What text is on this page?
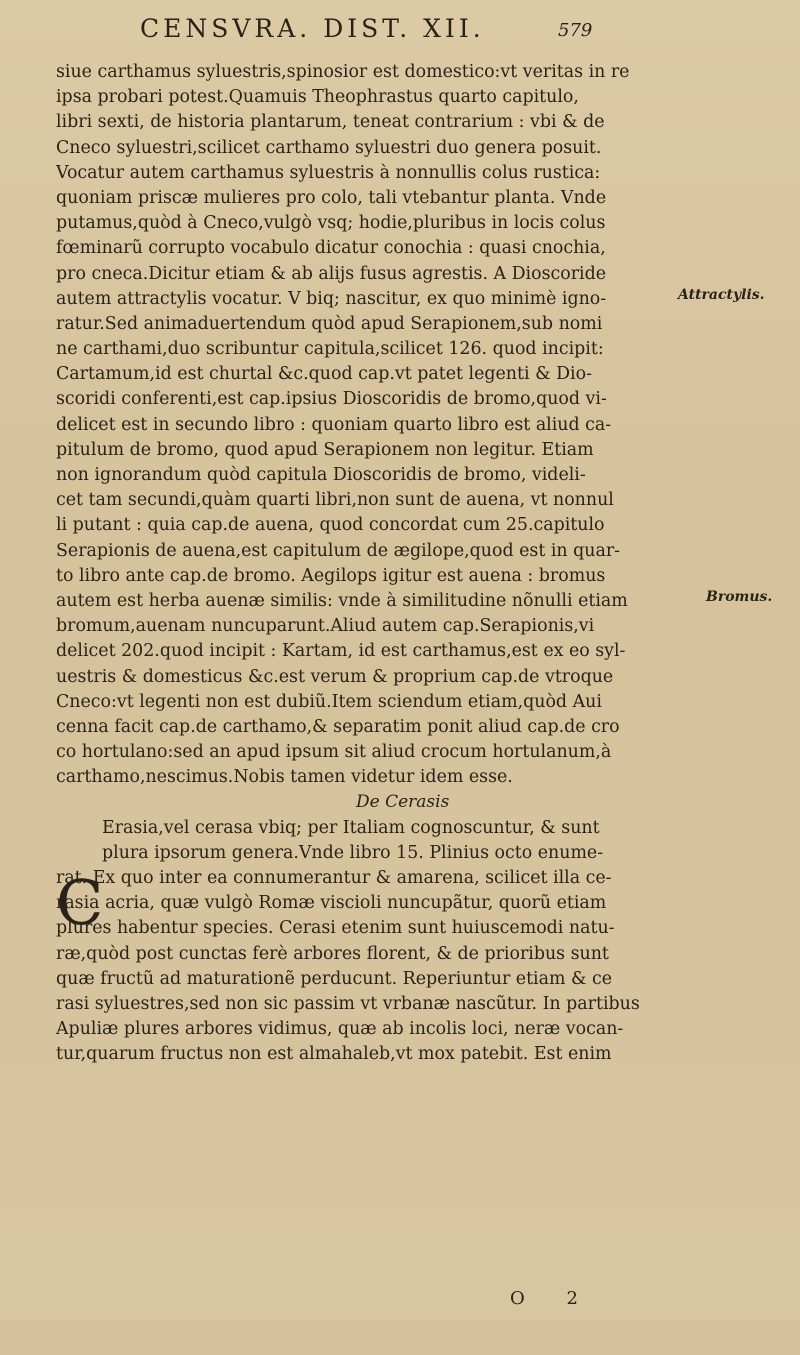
CENSVRA. DIST. XII.	579
siue carthamus syluestris,spinosior est domestico:vt veritas in re
ipsa probari potest.Quamuis Theophrastus quarto capitulo,
libri sexti, de historia plantarum, teneat contrarium : vbi & de
Cneco syluestri,scilicet carthamo syluestri duo genera posuit.
Vocatur autem carthamus syluestris à nonnullis colus rustica:
quoniam priscæ mulieres pro colo, tali vtebantur planta. Vnde
putamus,quòd à Cneco,vulgò vsq; hodie,pluribus in locis colus
fœminarũ corrupto vocabulo dicatur conochia : quasi cnochia,
pro cneca.Dicitur etiam & ab alijs fusus agrestis. A Dioscoride
autem attractylis vocatur. V biq; nascitur, ex quo minimè igno-
ratur.Sed animaduertendum quòd apud Serapionem,sub nomi
ne carthami,duo scribuntur capitula,scilicet 126. quod incipit:
Cartamum,id est churtal &c.quod cap.vt patet legenti & Dio-
scoridi conferenti,est cap.ipsius Dioscoridis de bromo,quod vi-
delicet est in secundo libro : quoniam quarto libro est aliud ca-
pitulum de bromo, quod apud Serapionem non legitur. Etiam
non ignorandum quòd capitula Dioscoridis de bromo, videli-
cet tam secundi,quàm quarti libri,non sunt de auena, vt nonnul
li putant : quia cap.de auena, quod concordat cum 25.capitulo
Serapionis de auena,est capitulum de ægilope,quod est in quar-
to libro ante cap.de bromo. Aegilops igitur est auena : bromus
autem est herba auenæ similis: vnde à similitudine nõnulli etiam
bromum,auenam nuncuparunt.Aliud autem cap.Serapionis,vi
delicet 202.quod incipit : Kartam, id est carthamus,est ex eo syl-
uestris & domesticus &c.est verum & proprium cap.de vtroque
Cneco:vt legenti non est dubiũ.Item sciendum etiam,quòd Aui
cenna facit cap.de carthamo,& separatim ponit aliud cap.de cro
co hortulano:sed an apud ipsum sit aliud crocum hortulanum,à
carthamo,nescimus.Nobis tamen videtur idem esse.
De Cerasis
Erasia,vel cerasa vbiq; per Italiam cognoscuntur, & sunt
plura ipsorum genera.Vnde libro 15. Plinius octo enume-
rat. Ex quo inter ea connumerantur & amarena, scilicet illa ce-
rasia acria, quæ vulgò Romæ viscioli nuncupãtur, quorũ etiam
plures habentur species. Cerasi etenim sunt huiuscemodi natu-
ræ,quòd post cunctas ferè arbores florent, & de prioribus sunt
quæ fructũ ad maturationẽ perducunt. Reperiuntur etiam & ce
rasi syluestres,sed non sic passim vt vrbanæ nascũtur. In partibus
Apuliæ plures arbores vidimus, quæ ab incolis loci, neræ vocan-
tur,quarum fructus non est almahaleb,vt mox patebit. Est enim
C
Attractylis.
Bromus.
O 2
